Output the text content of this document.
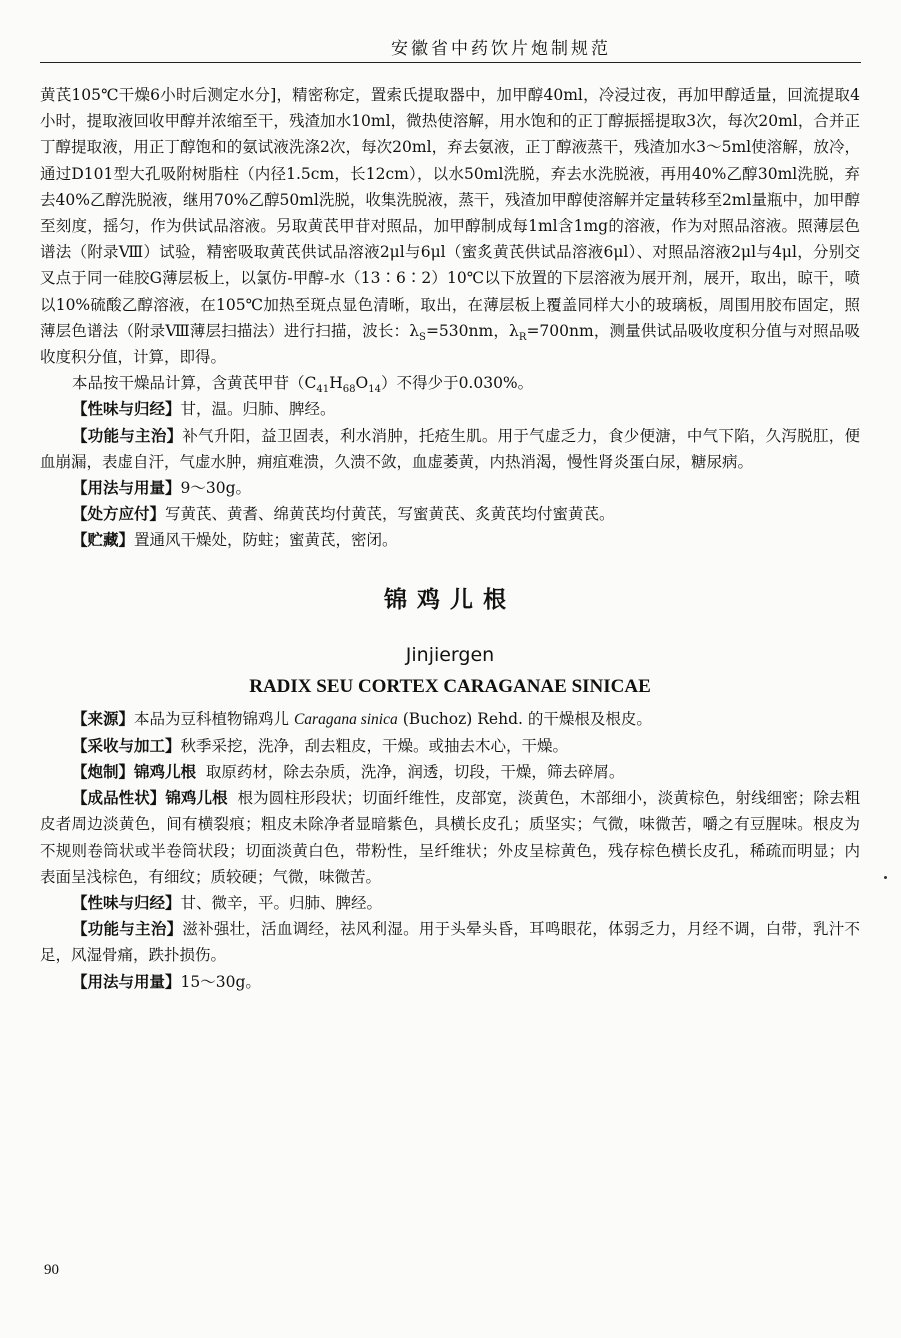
安徽省中药饮片炮制规范

黄芪105℃干燥6小时后测定水分]，精密称定，置索氏提取器中，加甲醇40ml，冷浸过夜，再加甲醇适量，回流提取4小时，提取液回收甲醇并浓缩至干，残渣加水10ml，微热使溶解，用水饱和的正丁醇振摇提取3次，每次20ml，合并正丁醇提取液，用正丁醇饱和的氨试液洗涤2次，每次20ml，弃去氨液，正丁醇液蒸干，残渣加水3～5ml使溶解，放冷，通过D101型大孔吸附树脂柱（内径1.5cm，长12cm），以水50ml洗脱，弃去水洗脱液，再用40%乙醇30ml洗脱，弃去40%乙醇洗脱液，继用70%乙醇50ml洗脱，收集洗脱液，蒸干，残渣加甲醇使溶解并定量转移至2ml量瓶中，加甲醇至刻度，摇匀，作为供试品溶液。另取黄芪甲苷对照品，加甲醇制成每1ml含1mg的溶液，作为对照品溶液。照薄层色谱法（附录Ⅷ）试验，精密吸取黄芪供试品溶液2μl与6μl（蜜炙黄芪供试品溶液6μl）、对照品溶液2μl与4μl，分别交叉点于同一硅胶G薄层板上，以氯仿-甲醇-水（13∶6∶2）10℃以下放置的下层溶液为展开剂，展开，取出，晾干，喷以10%硫酸乙醇溶液，在105℃加热至斑点显色清晰，取出，在薄层板上覆盖同样大小的玻璃板，周围用胶布固定，照薄层色谱法（附录Ⅷ薄层扫描法）进行扫描，波长：$\lambda_S=530nm$，$\lambda_R=700nm$，测量供试品吸收度积分值与对照品吸收度积分值，计算，即得。

本品按干燥品计算，含黄芪甲苷$(C_{41}H_{68}O_{14})$不得少于0.030%。

【性味与归经】甘，温。归肺、脾经。

【功能与主治】补气升阳，益卫固表，利水消肿，托疮生肌。用于气虚乏力，食少便溏，中气下陷，久泻脱肛，便血崩漏，表虚自汗，气虚水肿，痈疽难溃，久溃不敛，血虚萎黄，内热消渴，慢性肾炎蛋白尿，糖尿病。

【用法与用量】9～30g。

【处方应付】写黄芪、黄耆、绵黄芪均付黄芪，写蜜黄芪、炙黄芪均付蜜黄芪。

【贮藏】置通风干燥处，防蛀；蜜黄芪，密闭。

锦鸡儿根
Jinjiergen
RADIX SEU CORTEX CARAGANAE SINICAE

【来源】本品为豆科植物锦鸡儿 Caragana sinica (Buchoz) Rehd. 的干燥根及根皮。

【采收与加工】秋季采挖，洗净，刮去粗皮，干燥。或抽去木心，干燥。

【炮制】锦鸡儿根 取原药材，除去杂质，洗净，润透，切段，干燥，筛去碎屑。

【成品性状】锦鸡儿根 根为圆柱形段状；切面纤维性，皮部宽，淡黄色，木部细小，淡黄棕色，射线细密；除去粗皮者周边淡黄色，间有横裂痕；粗皮未除净者显暗紫色，具横长皮孔；质坚实；气微，味微苦，嚼之有豆腥味。根皮为不规则卷筒状或半卷筒状段；切面淡黄白色，带粉性，呈纤维状；外皮呈棕黄色，残存棕色横长皮孔，稀疏而明显；内表面呈浅棕色，有细纹；质较硬；气微，味微苦。

【性味与归经】甘、微辛，平。归肺、脾经。

【功能与主治】滋补强壮，活血调经，祛风利湿。用于头晕头昏，耳鸣眼花，体弱乏力，月经不调，白带，乳汁不足，风湿骨痛，跌扑损伤。

【用法与用量】15～30g。

90
